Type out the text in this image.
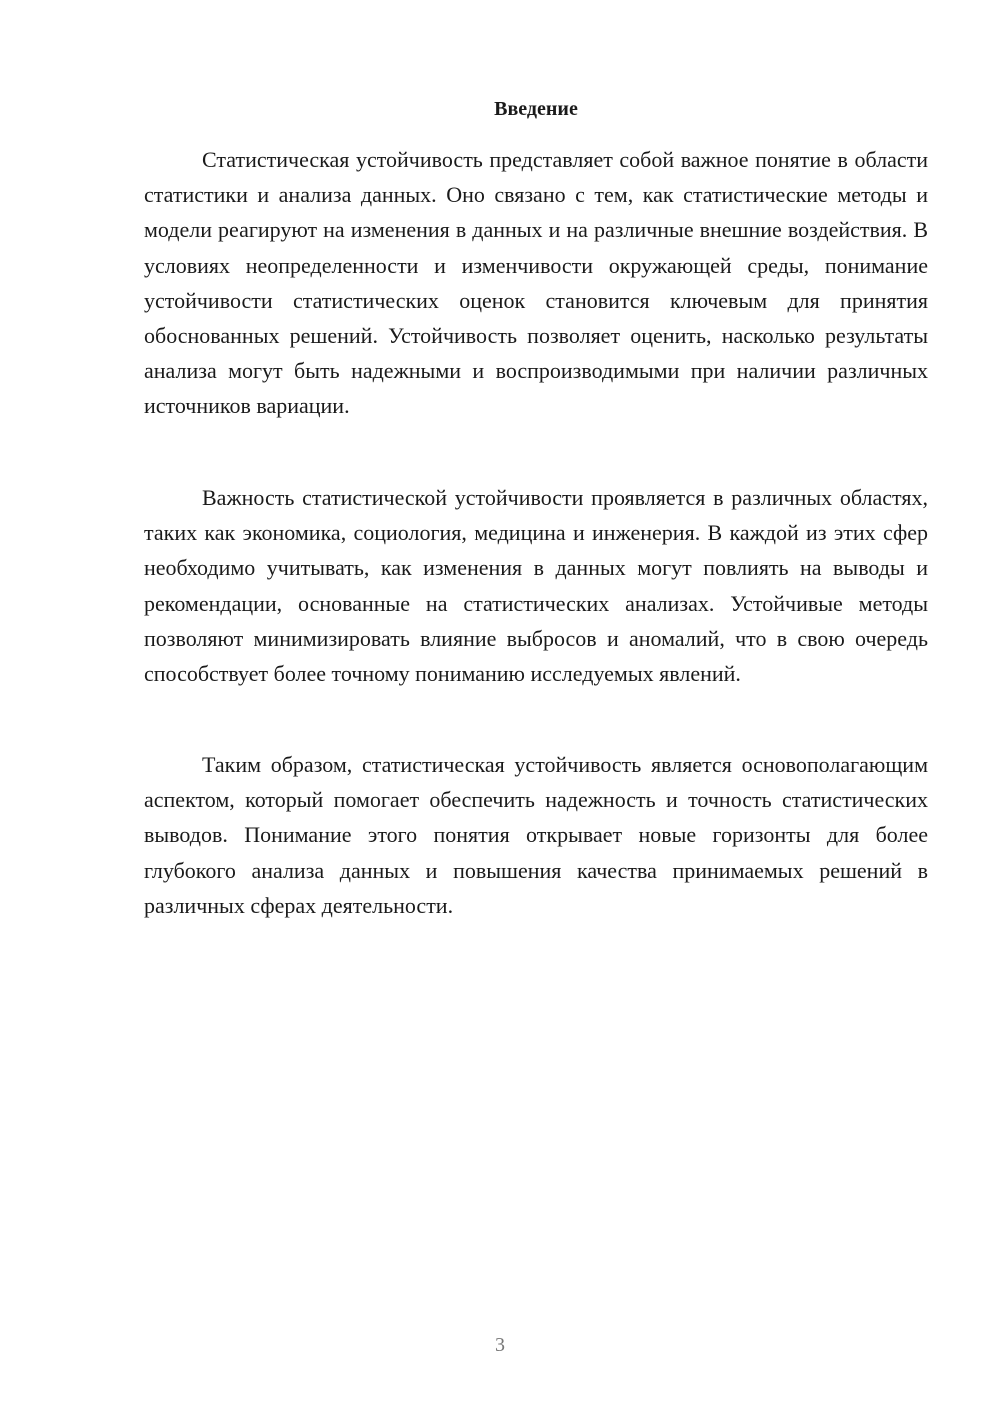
Введение

Статистическая устойчивость представляет собой важное понятие в области статистики и анализа данных. Оно связано с тем, как статистические методы и модели реагируют на изменения в данных и на различные внешние воздействия. В условиях неопределенности и изменчивости окружающей среды, понимание устойчивости статистических оценок становится ключевым для принятия обоснованных решений. Устойчивость позволяет оценить, насколько результаты анализа могут быть надежными и воспроизводимыми при наличии различных источников вариации.

Важность статистической устойчивости проявляется в различных областях, таких как экономика, социология, медицина и инженерия. В каждой из этих сфер необходимо учитывать, как изменения в данных могут повлиять на выводы и рекомендации, основанные на статистических анализах. Устойчивые методы позволяют минимизировать влияние выбросов и аномалий, что в свою очередь способствует более точному пониманию исследуемых явлений.

Таким образом, статистическая устойчивость является основополагающим аспектом, который помогает обеспечить надежность и точность статистических выводов. Понимание этого понятия открывает новые горизонты для более глубокого анализа данных и повышения качества принимаемых решений в различных сферах деятельности.

3
